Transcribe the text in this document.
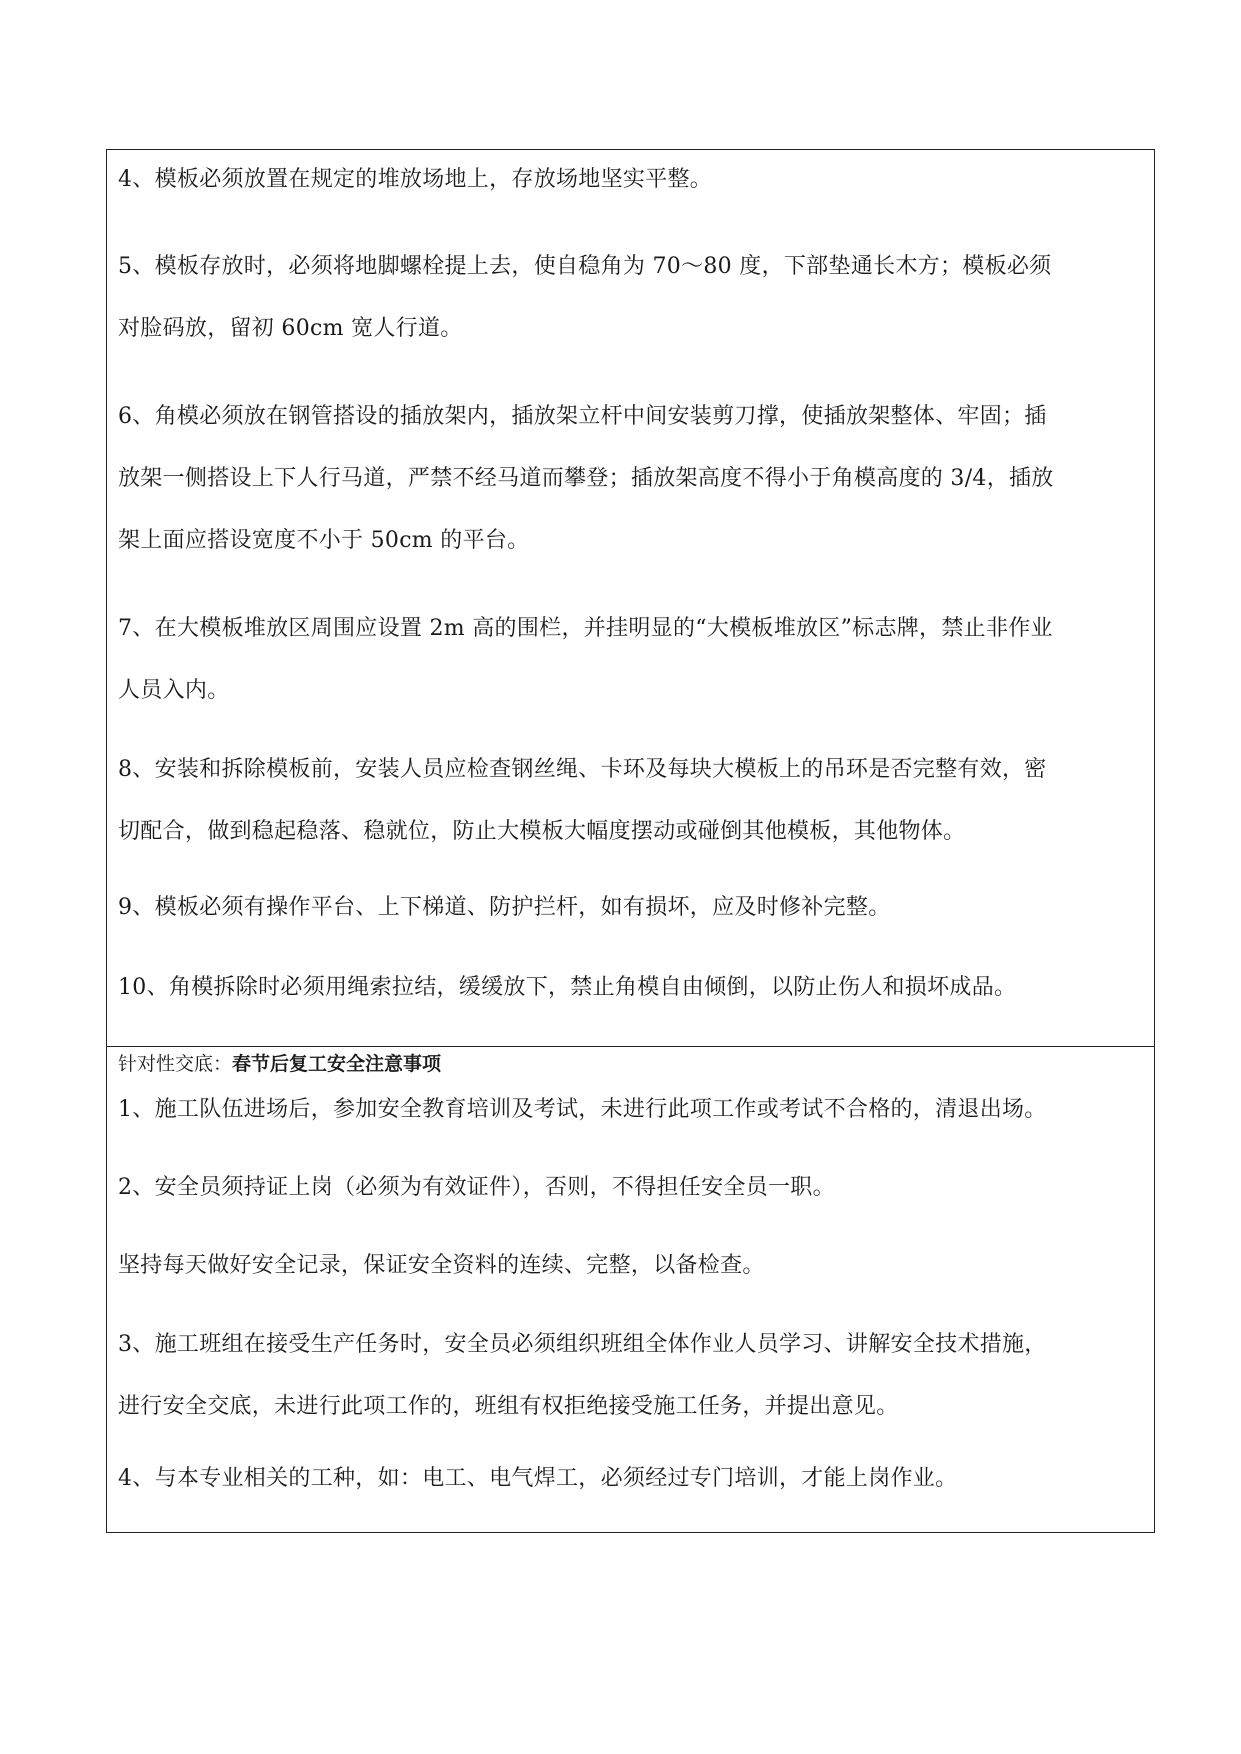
4、模板必须放置在规定的堆放场地上，存放场地坚实平整。

5、模板存放时，必须将地脚螺栓提上去，使自稳角为 70～80 度，下部垫通长木方；模板必须
对脸码放，留初 60cm 宽人行道。

6、角模必须放在钢管搭设的插放架内，插放架立杆中间安装剪刀撑，使插放架整体、牢固；插
放架一侧搭设上下人行马道，严禁不经马道而攀登；插放架高度不得小于角模高度的 3/4，插放
架上面应搭设宽度不小于 50cm 的平台。

7、在大模板堆放区周围应设置 2m 高的围栏，并挂明显的“大模板堆放区”标志牌，禁止非作业
人员入内。

8、安装和拆除模板前，安装人员应检查钢丝绳、卡环及每块大模板上的吊环是否完整有效，密
切配合，做到稳起稳落、稳就位，防止大模板大幅度摆动或碰倒其他模板，其他物体。

9、模板必须有操作平台、上下梯道、防护拦杆，如有损坏，应及时修补完整。

10、角模拆除时必须用绳索拉结，缓缓放下，禁止角模自由倾倒，以防止伤人和损坏成品。

针对性交底：春节后复工安全注意事项

1、施工队伍进场后，参加安全教育培训及考试，未进行此项工作或考试不合格的，清退出场。

2、安全员须持证上岗（必须为有效证件），否则，不得担任安全员一职。

坚持每天做好安全记录，保证安全资料的连续、完整，以备检查。

3、施工班组在接受生产任务时，安全员必须组织班组全体作业人员学习、讲解安全技术措施，
进行安全交底，未进行此项工作的，班组有权拒绝接受施工任务，并提出意见。

4、与本专业相关的工种，如：电工、电气焊工，必须经过专门培训，才能上岗作业。
